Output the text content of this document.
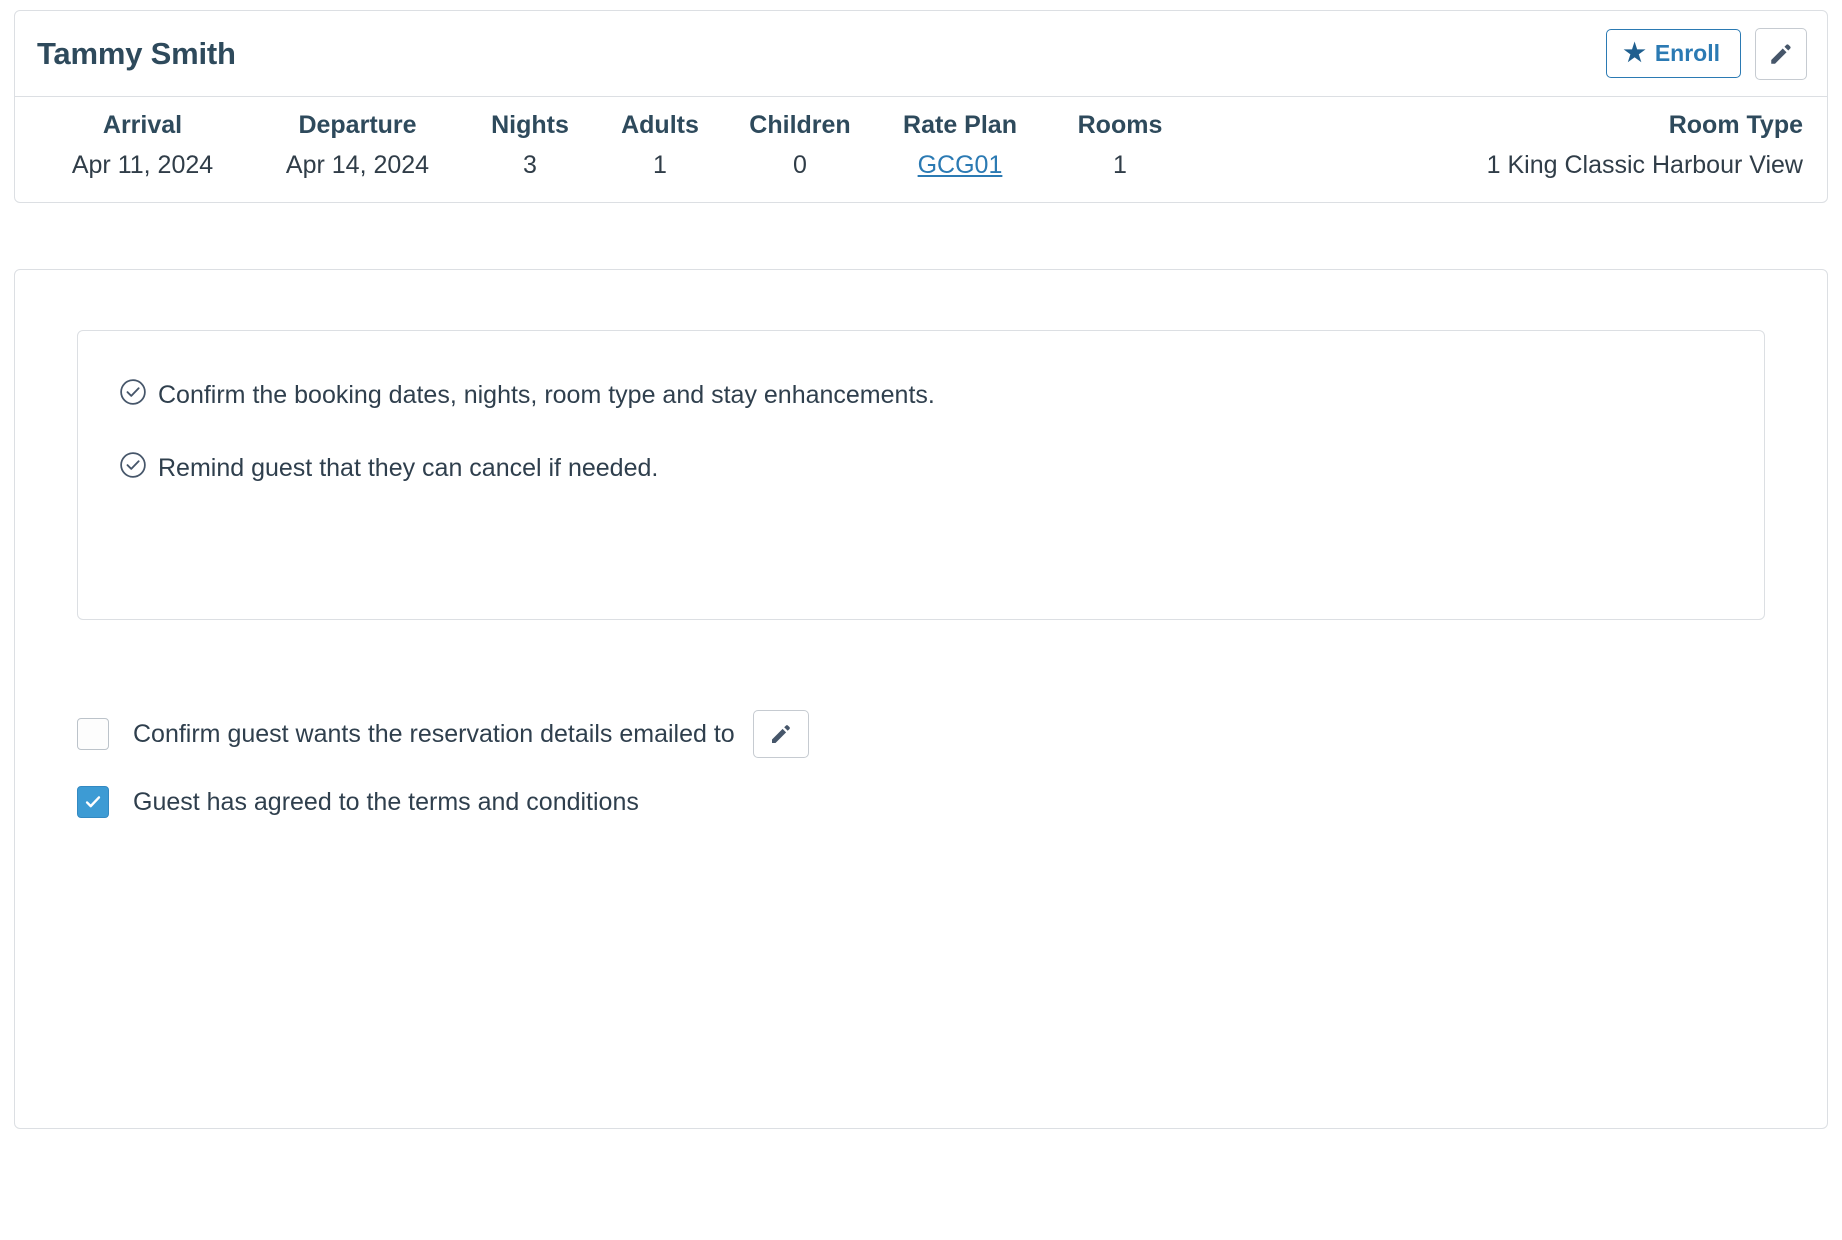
Tammy Smith	★ Enroll
Arrival
Apr 11, 2024
Departure
Apr 14, 2024
Nights
3
Adults
1
Children
0
Rate Plan
GCG01
Rooms
1
Room Type
1 King Classic Harbour View
Confirm the booking dates, nights, room type and stay enhancements.
Remind guest that they can cancel if needed.
Confirm guest wants the reservation details emailed to
Guest has agreed to the terms and conditions
